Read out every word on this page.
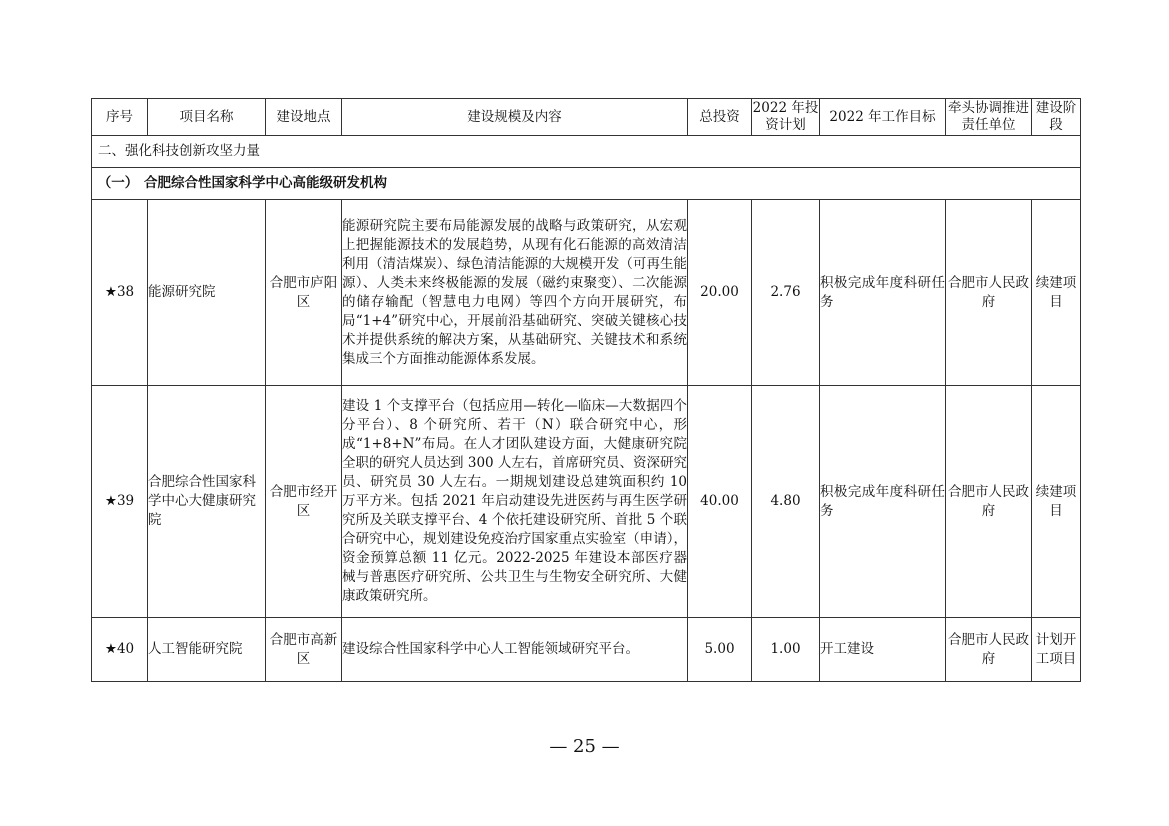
序号	项目名称	建设地点	建设规模及内容	总投资	2022 年投资计划	2022 年工作目标	牵头协调推进责任单位	建设阶段
二、强化科技创新攻坚力量								
（一） 合肥综合性国家科学中心高能级研发机构								
★38	能源研究院	合肥市庐阳区	能源研究院主要布局能源发展的战略与政策研究，从宏观上把握能源技术的发展趋势，从现有化石能源的高效清洁利用（清洁煤炭）、绿色清洁能源的大规模开发（可再生能源）、人类未来终极能源的发展（磁约束聚变）、二次能源的储存输配（智慧电力电网）等四个方向开展研究，布局“1+4”研究中心，开展前沿基础研究、突破关键核心技术并提供系统的解决方案，从基础研究、关键技术和系统集成三个方面推动能源体系发展。	20.00	2.76	积极完成年度科研任务	合肥市人民政府	续建项目
★39	合肥综合性国家科学中心大健康研究院	合肥市经开区	建设 1 个支撑平台（包括应用—转化—临床—大数据四个分平台）、8 个研究所、若干（N）联合研究中心，形成“1+8+N”布局。在人才团队建设方面，大健康研究院全职的研究人员达到 300 人左右，首席研究员、资深研究员、研究员 30 人左右。一期规划建设总建筑面积约 10 万平方米。包括 2021 年启动建设先进医药与再生医学研究所及关联支撑平台、4 个依托建设研究所、首批 5 个联合研究中心，规划建设免疫治疗国家重点实验室（申请），资金预算总额 11 亿元。2022-2025 年建设本部医疗器械与普惠医疗研究所、公共卫生与生物安全研究所、大健康政策研究所。	40.00	4.80	积极完成年度科研任务	合肥市人民政府	续建项目
★40	人工智能研究院	合肥市高新区	建设综合性国家科学中心人工智能领域研究平台。	5.00	1.00	开工建设	合肥市人民政府	计划开工项目
— 25 —
